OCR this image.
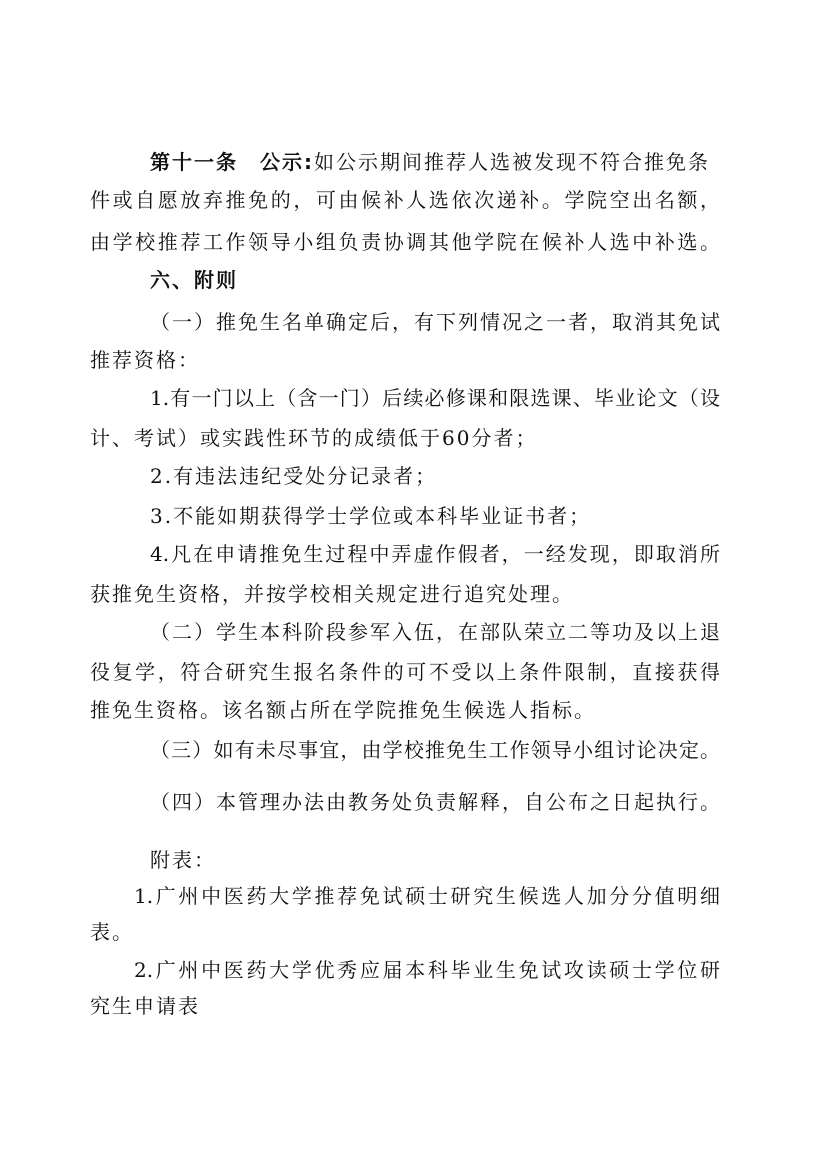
第十一条 公示:如公示期间推荐人选被发现不符合推免条
件或自愿放弃推免的，可由候补人选依次递补。学院空出名额，
由学校推荐工作领导小组负责协调其他学院在候补人选中补选。
六、附则
（一）推免生名单确定后，有下列情况之一者，取消其免试
推荐资格：
1.有一门以上（含一门）后续必修课和限选课、毕业论文（设
计、考试）或实践性环节的成绩低于60分者；
2.有违法违纪受处分记录者；
3.不能如期获得学士学位或本科毕业证书者；
4.凡在申请推免生过程中弄虚作假者，一经发现，即取消所
获推免生资格，并按学校相关规定进行追究处理。
（二）学生本科阶段参军入伍，在部队荣立二等功及以上退
役复学，符合研究生报名条件的可不受以上条件限制，直接获得
推免生资格。该名额占所在学院推免生候选人指标。
（三）如有未尽事宜，由学校推免生工作领导小组讨论决定。
（四）本管理办法由教务处负责解释，自公布之日起执行。
附表：
1.广州中医药大学推荐免试硕士研究生候选人加分分值明细
表。
2.广州中医药大学优秀应届本科毕业生免试攻读硕士学位研
究生申请表
